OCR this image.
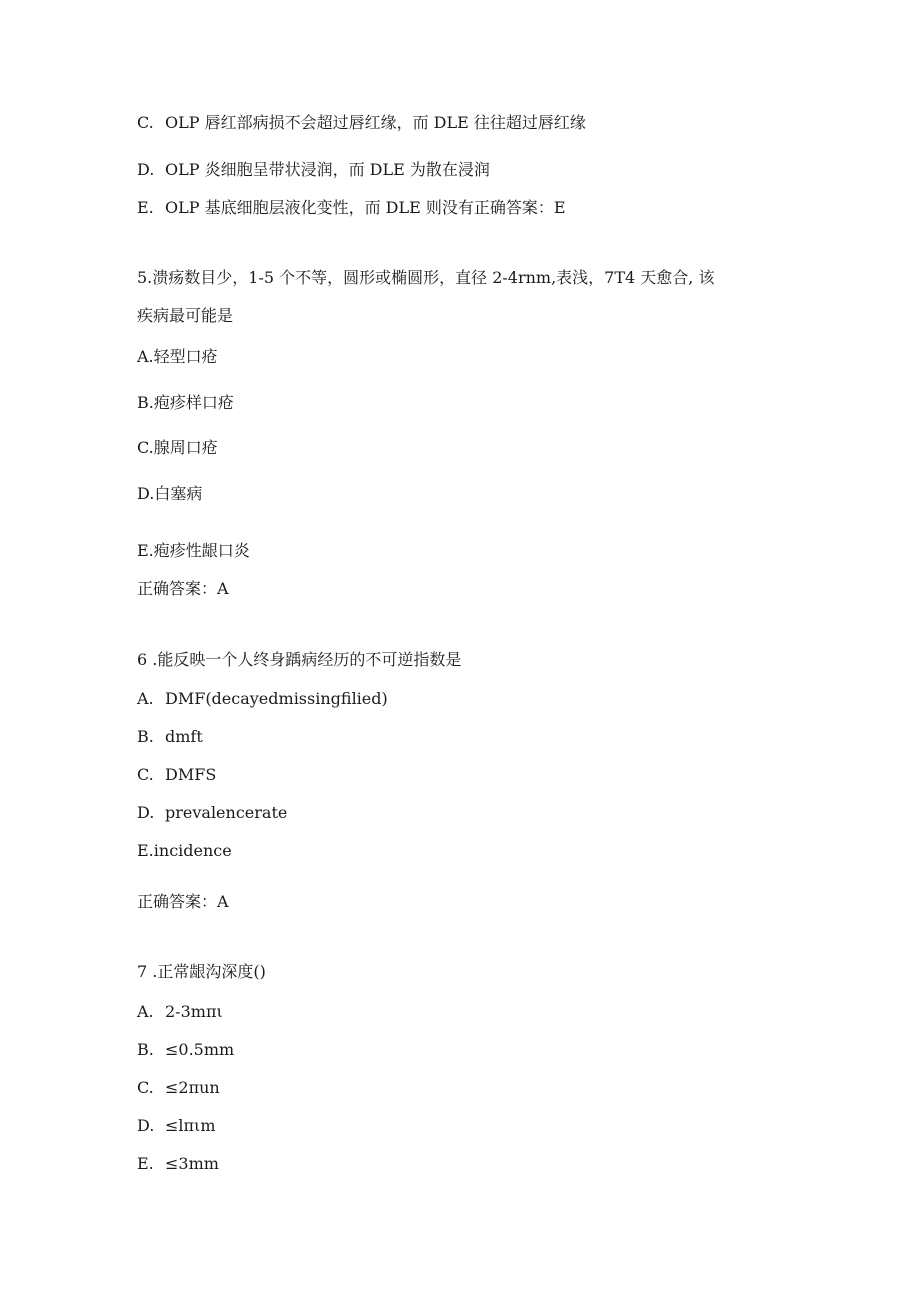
C. OLP 唇红部病损不会超过唇红缘，而 DLE 往往超过唇红缘
D. OLP 炎细胞呈带状浸润，而 DLE 为散在浸润
E. OLP 基底细胞层液化变性，而 DLE 则没有正确答案：E
5.溃疡数目少，1-5 个不等，圆形或椭圆形，直径 2-4rnm,表浅，7T4 天愈合, 该
疾病最可能是
A.轻型口疮
B.疱疹样口疮
C.腺周口疮
D.白塞病
E.疱疹性龈口炎
正确答案：A
6 .能反映一个人终身踽病经历的不可逆指数是
A. DMF(decayedmissingfilied)
B. dmft
C. DMFS
D. prevalencerate
E.incidence
正确答案：A
7 .正常龈沟深度()
A. 2-3mπι
B. ≤0.5mm
C. ≤2πun
D. ≤lπιm
E. ≤3mm
